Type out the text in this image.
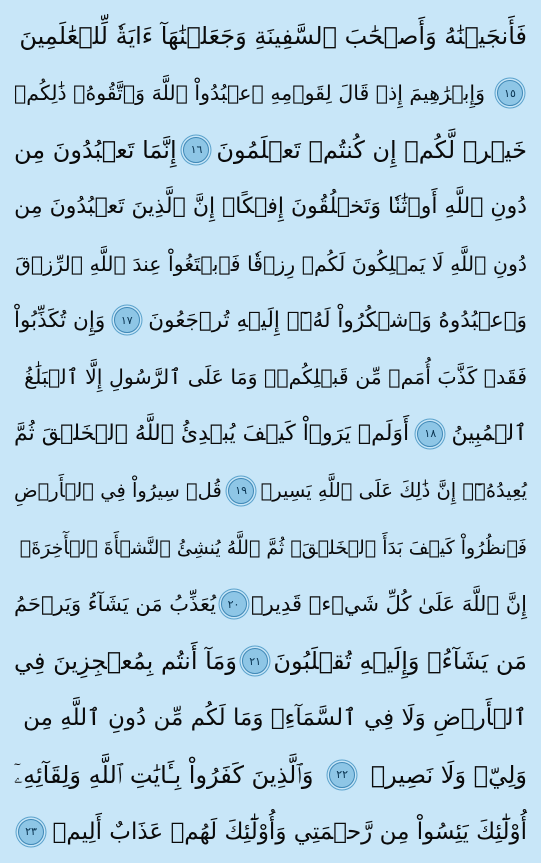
فَأَنجَيۡنَٰهُ وَأَصۡحَٰبَ ٱلسَّفِينَةِ وَجَعَلۡنَٰهَآ ءَايَةٗ لِّلۡعَٰلَمِينَ
١٥
وَإِبۡرَٰهِيمَ إِذۡ قَالَ لِقَوۡمِهِ ٱعۡبُدُواْ ٱللَّهَ وَٱتَّقُوهُۖ ذَٰلِكُمۡ
خَيۡرٞ لَّكُمۡ إِن كُنتُمۡ تَعۡلَمُونَ
١٦
إِنَّمَا تَعۡبُدُونَ مِن
دُونِ ٱللَّهِ أَوۡثَٰنٗا وَتَخۡلُقُونَ إِفۡكًاۚ إِنَّ ٱلَّذِينَ تَعۡبُدُونَ مِن
دُونِ ٱللَّهِ لَا يَمۡلِكُونَ لَكُمۡ رِزۡقٗا فَٱبۡتَغُواْ عِندَ ٱللَّهِ ٱلرِّزۡقَ
وَٱعۡبُدُوهُ وَٱشۡكُرُواْ لَهُۥٓۖ إِلَيۡهِ تُرۡجَعُونَ
١٧
وَإِن تُكَذِّبُواْ
فَقَدۡ كَذَّبَ أُمَمٞ مِّن قَبۡلِكُمۡۖ وَمَا عَلَى ٱلرَّسُولِ إِلَّا ٱلۡبَلَٰغُ
ٱلۡمُبِينُ
١٨
أَوَلَمۡ يَرَوۡاْ كَيۡفَ يُبۡدِئُ ٱللَّهُ ٱلۡخَلۡقَ ثُمَّ
يُعِيدُهُۥٓۚ إِنَّ ذَٰلِكَ عَلَى ٱللَّهِ يَسِيرٞ
١٩
قُلۡ سِيرُواْ فِي ٱلۡأَرۡضِ
فَٱنظُرُواْ كَيۡفَ بَدَأَ ٱلۡخَلۡقَۚ ثُمَّ ٱللَّهُ يُنشِئُ ٱلنَّشۡأَةَ ٱلۡأٓخِرَةَۚ
إِنَّ ٱللَّهَ عَلَىٰ كُلِّ شَيۡءٖ قَدِيرٞ
٢٠
يُعَذِّبُ مَن يَشَآءُ وَيَرۡحَمُ
مَن يَشَآءُۖ وَإِلَيۡهِ تُقۡلَبُونَ
٢١
وَمَآ أَنتُم بِمُعۡجِزِينَ فِي
ٱلۡأَرۡضِ وَلَا فِي ٱلسَّمَآءِۖ وَمَا لَكُم مِّن دُونِ ٱللَّهِ مِن
وَلِيّٖ وَلَا نَصِيرٖ
٢٢
وَٱلَّذِينَ كَفَرُواْ بِـَٔايَٰتِ ٱللَّهِ وَلِقَآئِهِۦٓ
أُوْلَٰٓئِكَ يَئِسُواْ مِن رَّحۡمَتِي وَأُوْلَٰٓئِكَ لَهُمۡ عَذَابٌ أَلِيمٞ
٢٣
